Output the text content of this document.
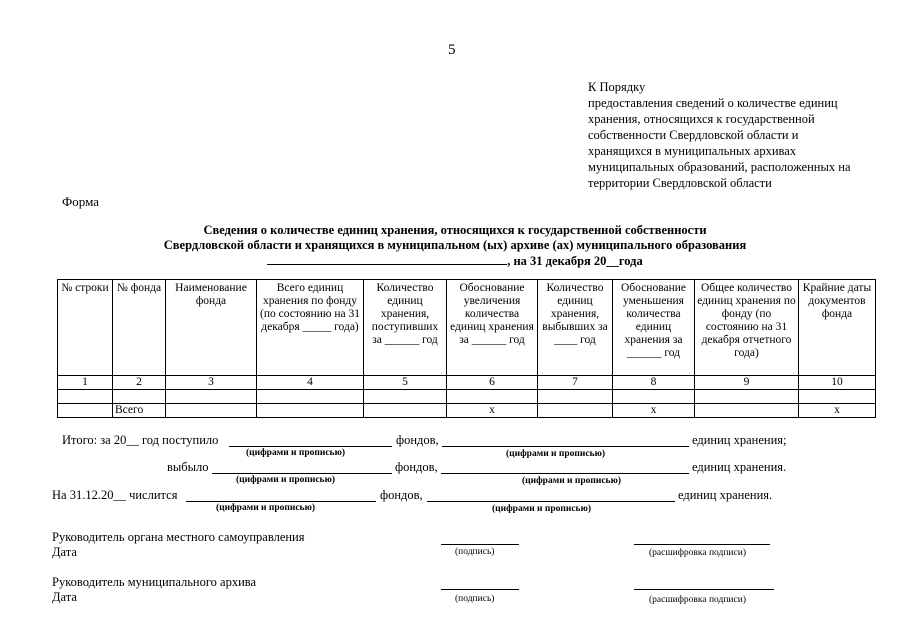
5
К Порядку
предоставления сведений о количестве единиц
хранения, относящихся к государственной
собственности Свердловской области и
хранящихся в муниципальных архивах
муниципальных образований, расположенных на
территории Свердловской области
Форма
Сведения о количестве единиц хранения, относящихся к государственной собственности
Свердловской области и хранящихся в муниципальном (ых) архиве (ах) муниципального образования
, на 31 декабря 20__года
№ строки	№ фонда	Наименование фонда	Всего единиц хранения по фонду (по состоянию на 31 декабря _____ года)	Количество единиц хранения, поступивших за ______ год	Обоснование увеличения количества единиц хранения за ______ год	Количество единиц хранения, выбывших за ____ год	Обоснование уменьшения количества единиц хранения за ______ год	Общее количество единиц хранения по фонду (по состоянию на 31 декабря отчетного года)	Крайние даты документов фонда
1	2	3	4	5	6	7	8	9	10

	Всего				х		х		х
Итого: за 20__ год поступило	фондов,	единиц хранения;
(цифрами и прописью)	(цифрами и прописью)
выбыло	фондов,	единиц хранения.
(цифрами и прописью)	(цифрами и прописью)
На 31.12.20__ числится	фондов,	единиц хранения.
(цифрами и прописью)	(цифрами и прописью)
Руководитель органа местного самоуправления
Дата	(подпись)	(расшифровка подписи)
Руководитель муниципального архива
Дата	(подпись)	(расшифровка подписи)
